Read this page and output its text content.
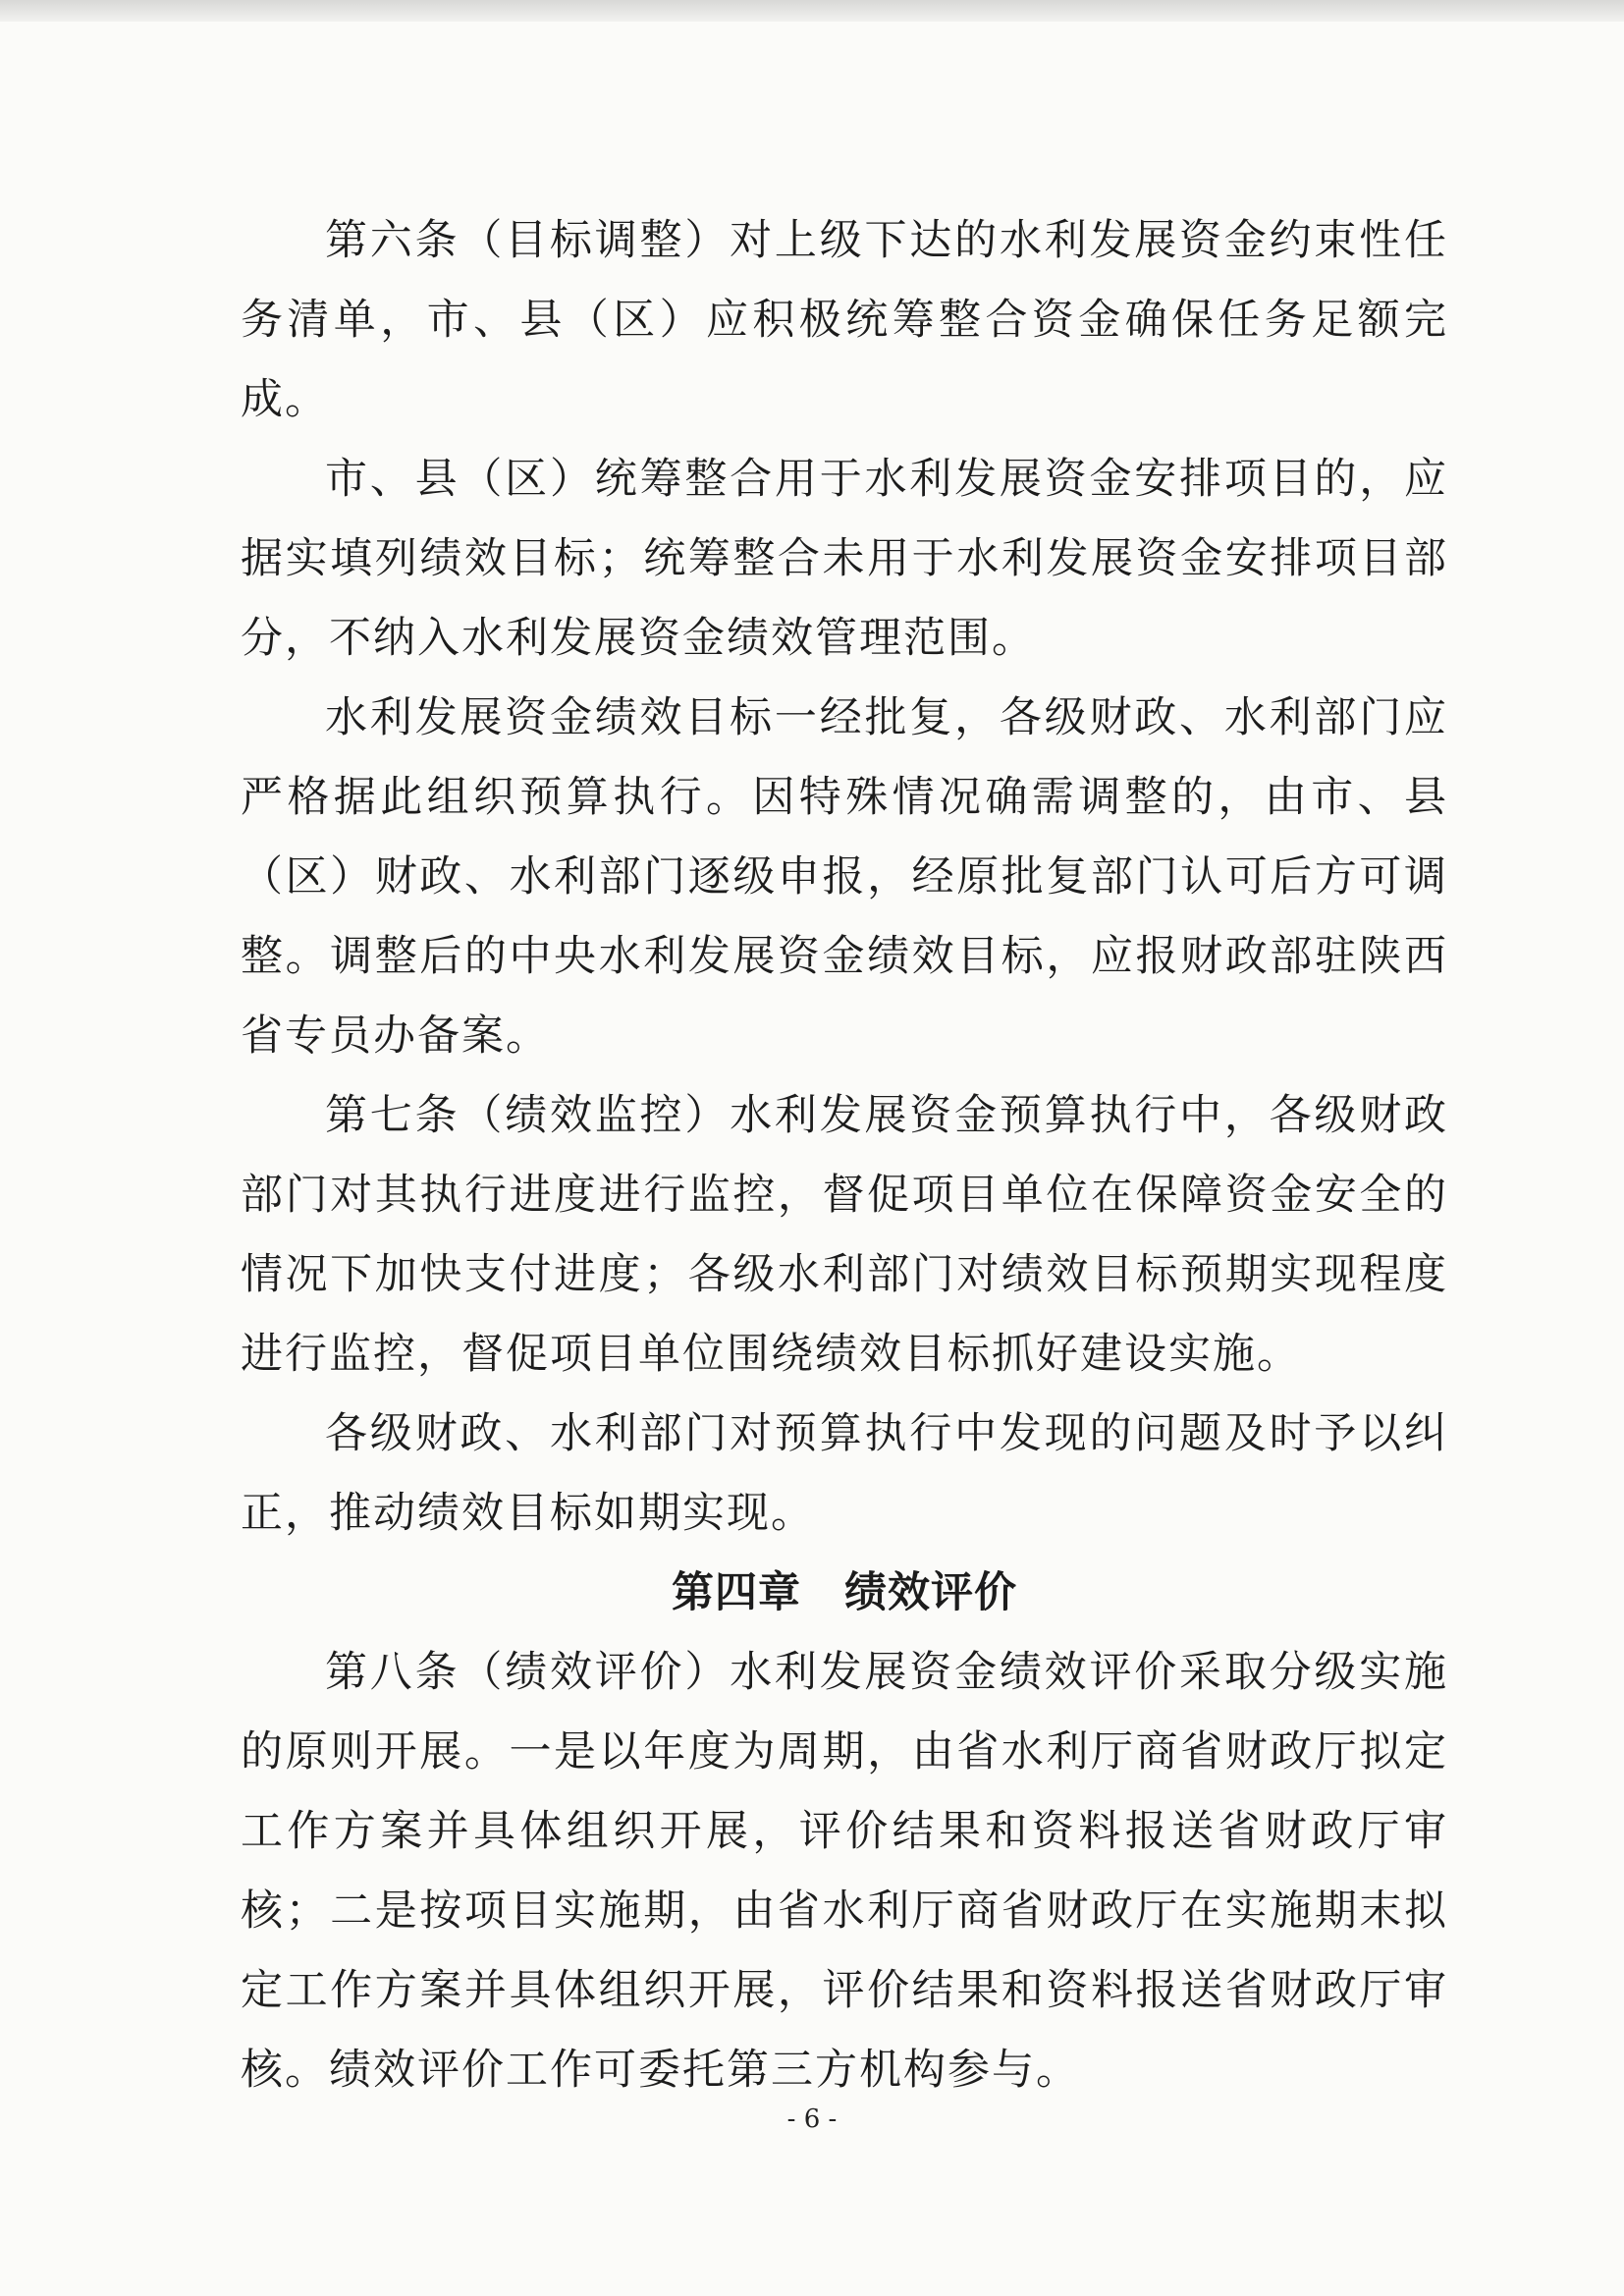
第六条（目标调整）对上级下达的水利发展资金约束性任务清单，市、县（区）应积极统筹整合资金确保任务足额完成。

市、县（区）统筹整合用于水利发展资金安排项目的，应据实填列绩效目标；统筹整合未用于水利发展资金安排项目部分，不纳入水利发展资金绩效管理范围。

水利发展资金绩效目标一经批复，各级财政、水利部门应严格据此组织预算执行。因特殊情况确需调整的，由市、县（区）财政、水利部门逐级申报，经原批复部门认可后方可调整。调整后的中央水利发展资金绩效目标，应报财政部驻陕西省专员办备案。

第七条（绩效监控）水利发展资金预算执行中，各级财政部门对其执行进度进行监控，督促项目单位在保障资金安全的情况下加快支付进度；各级水利部门对绩效目标预期实现程度进行监控，督促项目单位围绕绩效目标抓好建设实施。

各级财政、水利部门对预算执行中发现的问题及时予以纠正，推动绩效目标如期实现。

第四章　绩效评价

第八条（绩效评价）水利发展资金绩效评价采取分级实施的原则开展。一是以年度为周期，由省水利厅商省财政厅拟定工作方案并具体组织开展，评价结果和资料报送省财政厅审核；二是按项目实施期，由省水利厅商省财政厅在实施期末拟定工作方案并具体组织开展，评价结果和资料报送省财政厅审核。绩效评价工作可委托第三方机构参与。

- 6 -
